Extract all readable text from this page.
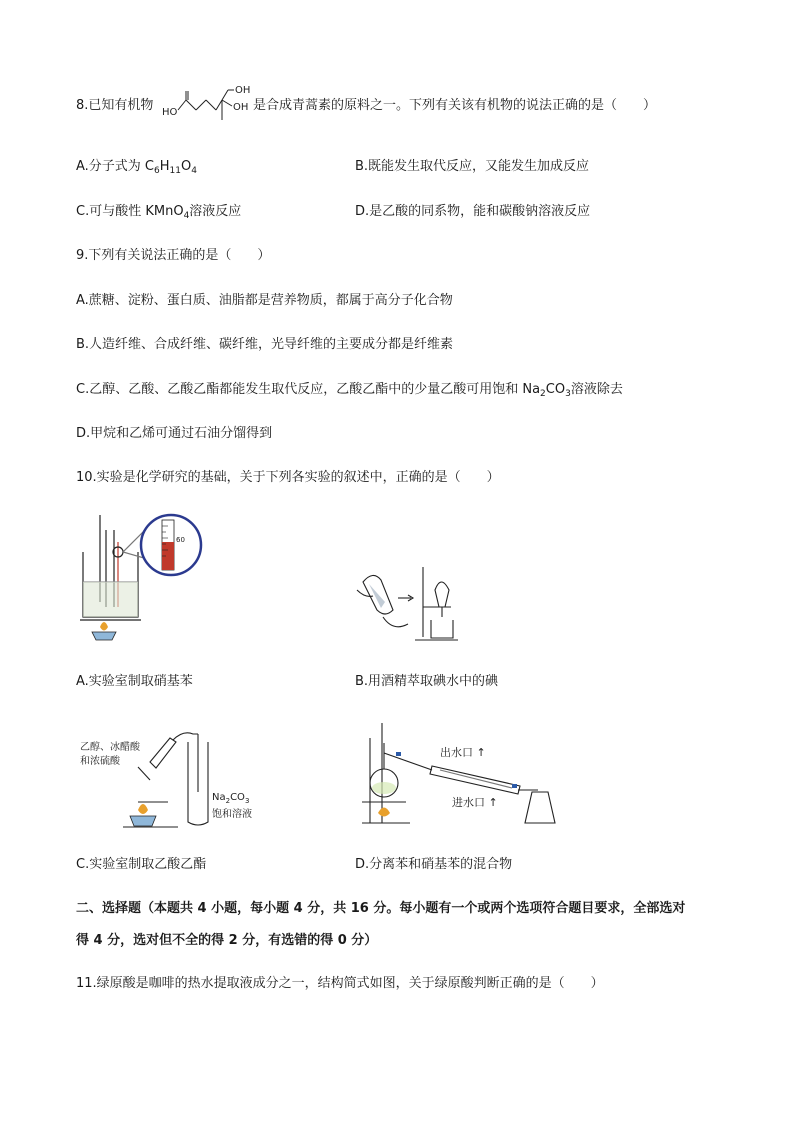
8.已知有机物
OH
OH
HO	是合成青蒿素的原料之一。下列有关该有机物的说法正确的是（　　）
A.分子式为 $C_6H_{11}O_4$	B.既能发生取代反应，又能发生加成反应
C.可与酸性 KMnO$_4$溶液反应	D.是乙酸的同系物，能和碳酸钠溶液反应
9.下列有关说法正确的是（　　）
A.蔗糖、淀粉、蛋白质、油脂都是营养物质，都属于高分子化合物
B.人造纤维、合成纤维、碳纤维，光导纤维的主要成分都是纤维素
C.乙醇、乙酸、乙酸乙酯都能发生取代反应，乙酸乙酯中的少量乙酸可用饱和 $Na_2CO_3$溶液除去
D.甲烷和乙烯可通过石油分馏得到
10.实验是化学研究的基础，关于下列各实验的叙述中，正确的是（　　）
60
A.实验室制取硝基苯	B.用酒精萃取碘水中的碘
乙醇、冰醋酸
和浓硫酸
$Na_2CO_3$
饱和溶液
出水口 ↑
进水口 ↑
C.实验室制取乙酸乙酯	D.分离苯和硝基苯的混合物
二、选择题（本题共 4 小题，每小题 4 分，共 16 分。每小题有一个或两个选项符合题目要求，全部选对
得 4 分，选对但不全的得 2 分，有选错的得 0 分）
11.绿原酸是咖啡的热水提取液成分之一，结构简式如图，关于绿原酸判断正确的是（　　）
